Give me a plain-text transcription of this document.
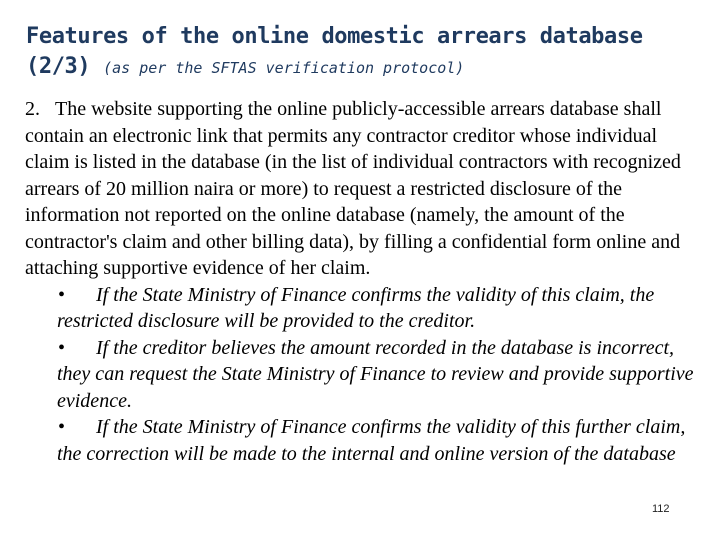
Features of the online domestic arrears database (2/3) (as per the SFTAS verification protocol)

2. The website supporting the online publicly-accessible arrears database shall contain an electronic link that permits any contractor creditor whose individual claim is listed in the database (in the list of individual contractors with recognized arrears of 20 million naira or more) to request a restricted disclosure of the information not reported on the online database (namely, the amount of the contractor's claim and other billing data), by filling a confidential form online and attaching supportive evidence of her claim.

• If the State Ministry of Finance confirms the validity of this claim, the restricted disclosure will be provided to the creditor.
• If the creditor believes the amount recorded in the database is incorrect, they can request the State Ministry of Finance to review and provide supportive evidence.
• If the State Ministry of Finance confirms the validity of this further claim, the correction will be made to the internal and online version of the database
112
